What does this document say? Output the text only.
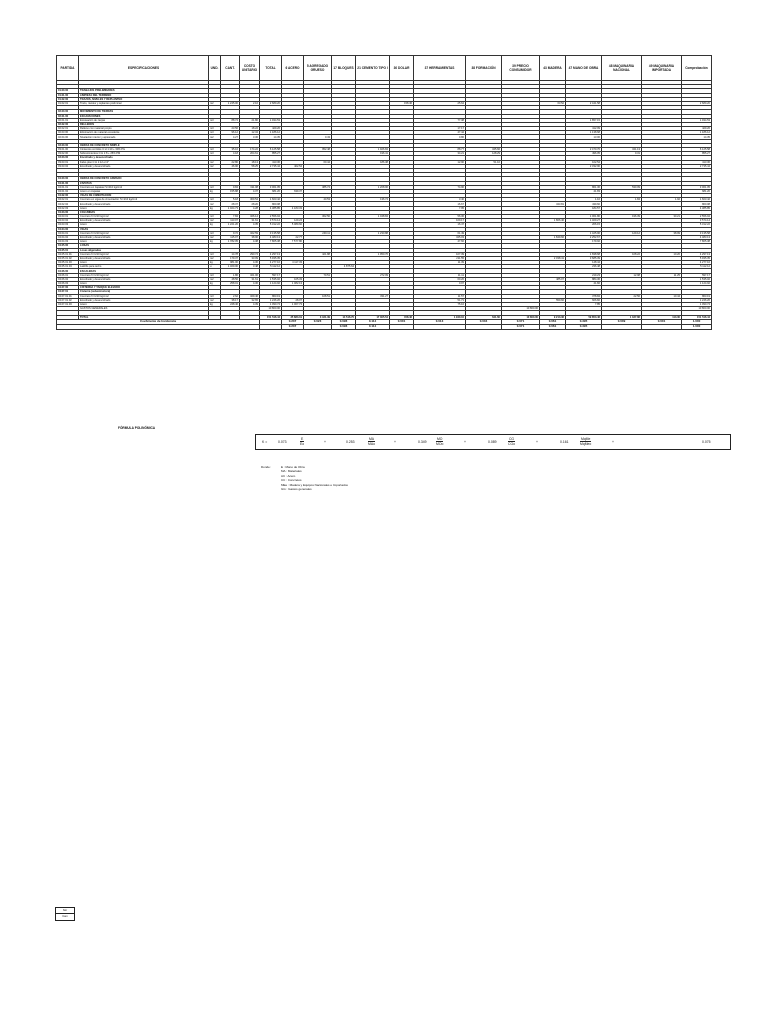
PARTIDA	ESPECIFICACIONES	UND.	CANT.	COSTO UNITARIO	TOTAL	6 ACERO	5 AGREGADO GRUESO	17 BLOQUES	21 CEMENTO TIPO I	30 DOLAR	37 HERRAMIENTAS	38 FORMACIÓN	39 PRECIO CONSUMIDOR	43 MADERA	47 MANO DE OBRA	48 MAQUINARIA NACIONAL	49 MAQUINARIA IMPORTADA	Comprobación

01.00.00	TRABAJOS PRELIMINARES																	
01.01.00	LIMPIEZA DEL TERRENO																	
01.02.00	TRAZOS, NIVELES Y REPLANTEO																	
01.02.01	Trazo, niveles y replanteo preliminar	m2	1 245.00	2.16	2 689.20					158.46	25.64			63.52	2 441.58			2 689.20

02.00.00	MOVIMIENTO DE TIERRAS																	
02.01.00	EXCAVACIONES																	
02.01.01	Excavación de zanjas	m3	88.74	21.80	1 934.53						77.38				1 857.15			1 934.53
02.02.00	RELLENOS																	
02.02.01	Relleno con material propio	m3	23.56	18.22	429.26						17.17				412.09			429.26
02.03.00	Eliminación de material excedente	m3	96.12	12.34	1 186.12						47.44				1 138.68			1 186.12
02.04.00	Nivelación interior y apisonado	m2	4.27	3.36	14.35		0.43				0.86				13.06			14.35

03.00.00	OBRAS DE CONCRETO SIMPLE																	
03.01.00	Cimientos corridos C:H 1:10 + 30% PG	m3	35.16	174.22	6 125.58		952.48		1 926.84		88.77	345.66			2 470.70	341.13		6 125.58
03.02.00	Sobrecimientos C:H 1:8 + 25% PM	m3	4.18	204.61	855.27				196.41		34.21	128.29			496.05	0.31		855.27
03.03.00	Encofrado y desencofrado																	
03.03.01	Falso piso C:H 1:12 e=4"	m2	22.80	18.13	413.36		60.44		186.38		12.90	51.10			102.54			413.36
03.03.02	Encofrado y desencofrado	m2	46.96	58.25	2 735.44	402.54									2 332.90			2 735.44

04.00.00	OBRAS DE CONCRETO ARMADO																	
04.01.00	ZAPATAS																	
04.01.01	Concreto en zapatas f'c=210 kg/cm2	m3	9.84	311.08	3 061.05		385.74		1 208.96		74.90				861.36	530.09		3 061.05
04.01.02	Acero en zapatas	kg	155.88	4.37	681.20	639.37									41.83			681.20
04.02.00	VIGAS DE CIMENTACIÓN																	
04.02.01	Concreto en vigas de cimentación f'c=210 kg/cm2	m3	5.18	309.54	1 603.42		40.53		136.74		3.40				1.10	1.84	1.92	1 603.42
04.02.02	Encofrado y desencofrado	m2	28.37	28.20	800.08						16.67			343.81	439.60			800.08
04.02.03	Acero	kg	1 024.73	4.28	4 385.85	4 183.33					7.95				184.57			4 385.85
04.03.00	COLUMNAS																	
04.03.01	Concreto f'c=210 kg/cm2	m3	7.84	326.14	2 556.94		362.50		1 048.84		56.36				1 061.80	196.39	30.21	2 556.94
04.03.02	Encofrado y desencofrado	m2	113.07	31.61	3 574.14	129.24					169.17			1 866.46	1 409.27			3 574.14
04.03.03	Acero	kg	1 221.20	4.35	5 312.22	5 089.60					16.47				206.15			5 312.22
04.04.00	VIGAS																	
04.04.01	Concreto f'c=210 kg/cm2	m3	9.72	322.59	3 135.58		249.11		1 230.88		61.49				1 425.96	129.12	38.99	3 135.58
04.04.02	Encofrado y desencofrado	m2	115.07	38.96	4 483.13	22.77					345.03			1 849.66	2 252.67			4 483.13
04.04.03	Acero	kg	1 782.05	4.38	7 805.38	7 577.80					47.66				179.92			7 805.38
04.05.00	LOSAS																	
04.05.01	Losas aligeradas																	
04.05.01.01	Concreto f'c=210 kg/cm2	m3	14.78	290.74	4 297.13		421.88		1 950.76		107.39				1 698.68	108.22	10.20	4 297.13
04.05.01.02	Encofrado y desencofrado	m2	179.37	33.09	5 935.35						211.55			2 038.41	3 685.39			5 935.35
04.05.01.03	Acero	kg	981.00	4.36	4 277.16	4 117.33					11.39				148.44			4 277.16
04.05.01.04	Ladrillo para techo	u	1 469.00	3.48	5 112.12			4 875.64							236.48			5 112.12
04.06.00	ESCALERAS																	
04.06.01	Concreto f'c=210 kg/cm2	m3	1.86	321.06	597.17		70.51		272.09		11.11				219.23	12.98	11.25	597.17
04.06.02	Encofrado y desencofrado	m2	48.56	31.61	1 535.02	105.33					60.26			485.07	884.36			1 535.02
04.06.03	Acero	kg	258.01	4.36	1 124.92	1 082.13					0.97				41.82			1 124.92
04.07.00	CISTERNA Y TANQUE ELEVADO																	
04.07.01	Cisterna (subestructura)																	
04.07.01.01	Concreto f'c=210 kg/cm2	m3	2.62	329.46	863.19		108.51		331.27		11.57				378.84	22.56	10.44	863.19
04.07.01.02	Encofrado y desencofrado	m2	38.17	32.65	1 246.26	28.07					51.71			559.66	606.82			1 246.26
04.07.01.03	Acero	kg	248.46	4.39	1 090.74	1 007.73					75.16				7.85			1 090.74
	GASTOS GENERALES				10 800.00								10 800.00					10 800.00

	TOTAL				151 516.44	35 883.19	3 421.39	14 516.70	17 305.54	158.46	1 940.10	641.60	10 800.00	9 213.36	59 853.46	1 337.86	113.30	151 516.44
Coeficiente de Incidencia						0.237	0.023	0.096	0.114	0.001	0.013	0.004	0.071	0.061	0.395	0.009	0.001	1.000
						0.237		0.096	0.114				0.071	0.061	0.395			1.000
FÓRMULA POLINÓMICA
K =	0.073	$\frac{E}{Eo}$	+	0.253	$\frac{MA}{\text{MAo}}$	+	0.349	$\frac{MO}{\text{MOo}}$	+	0.089	$\frac{CG}{\text{CGo}}$	+	0.161	$\frac{\text{MqMe}}{\text{MqMeo}}$	+	0.075
Donde:	E : Mano de Obra
MA : Materiales
AC : Acero
CC : Concretos
MEe : Madera y Equipos Nacionales e Importados
GG : Gastos generales
Nor
Cam
